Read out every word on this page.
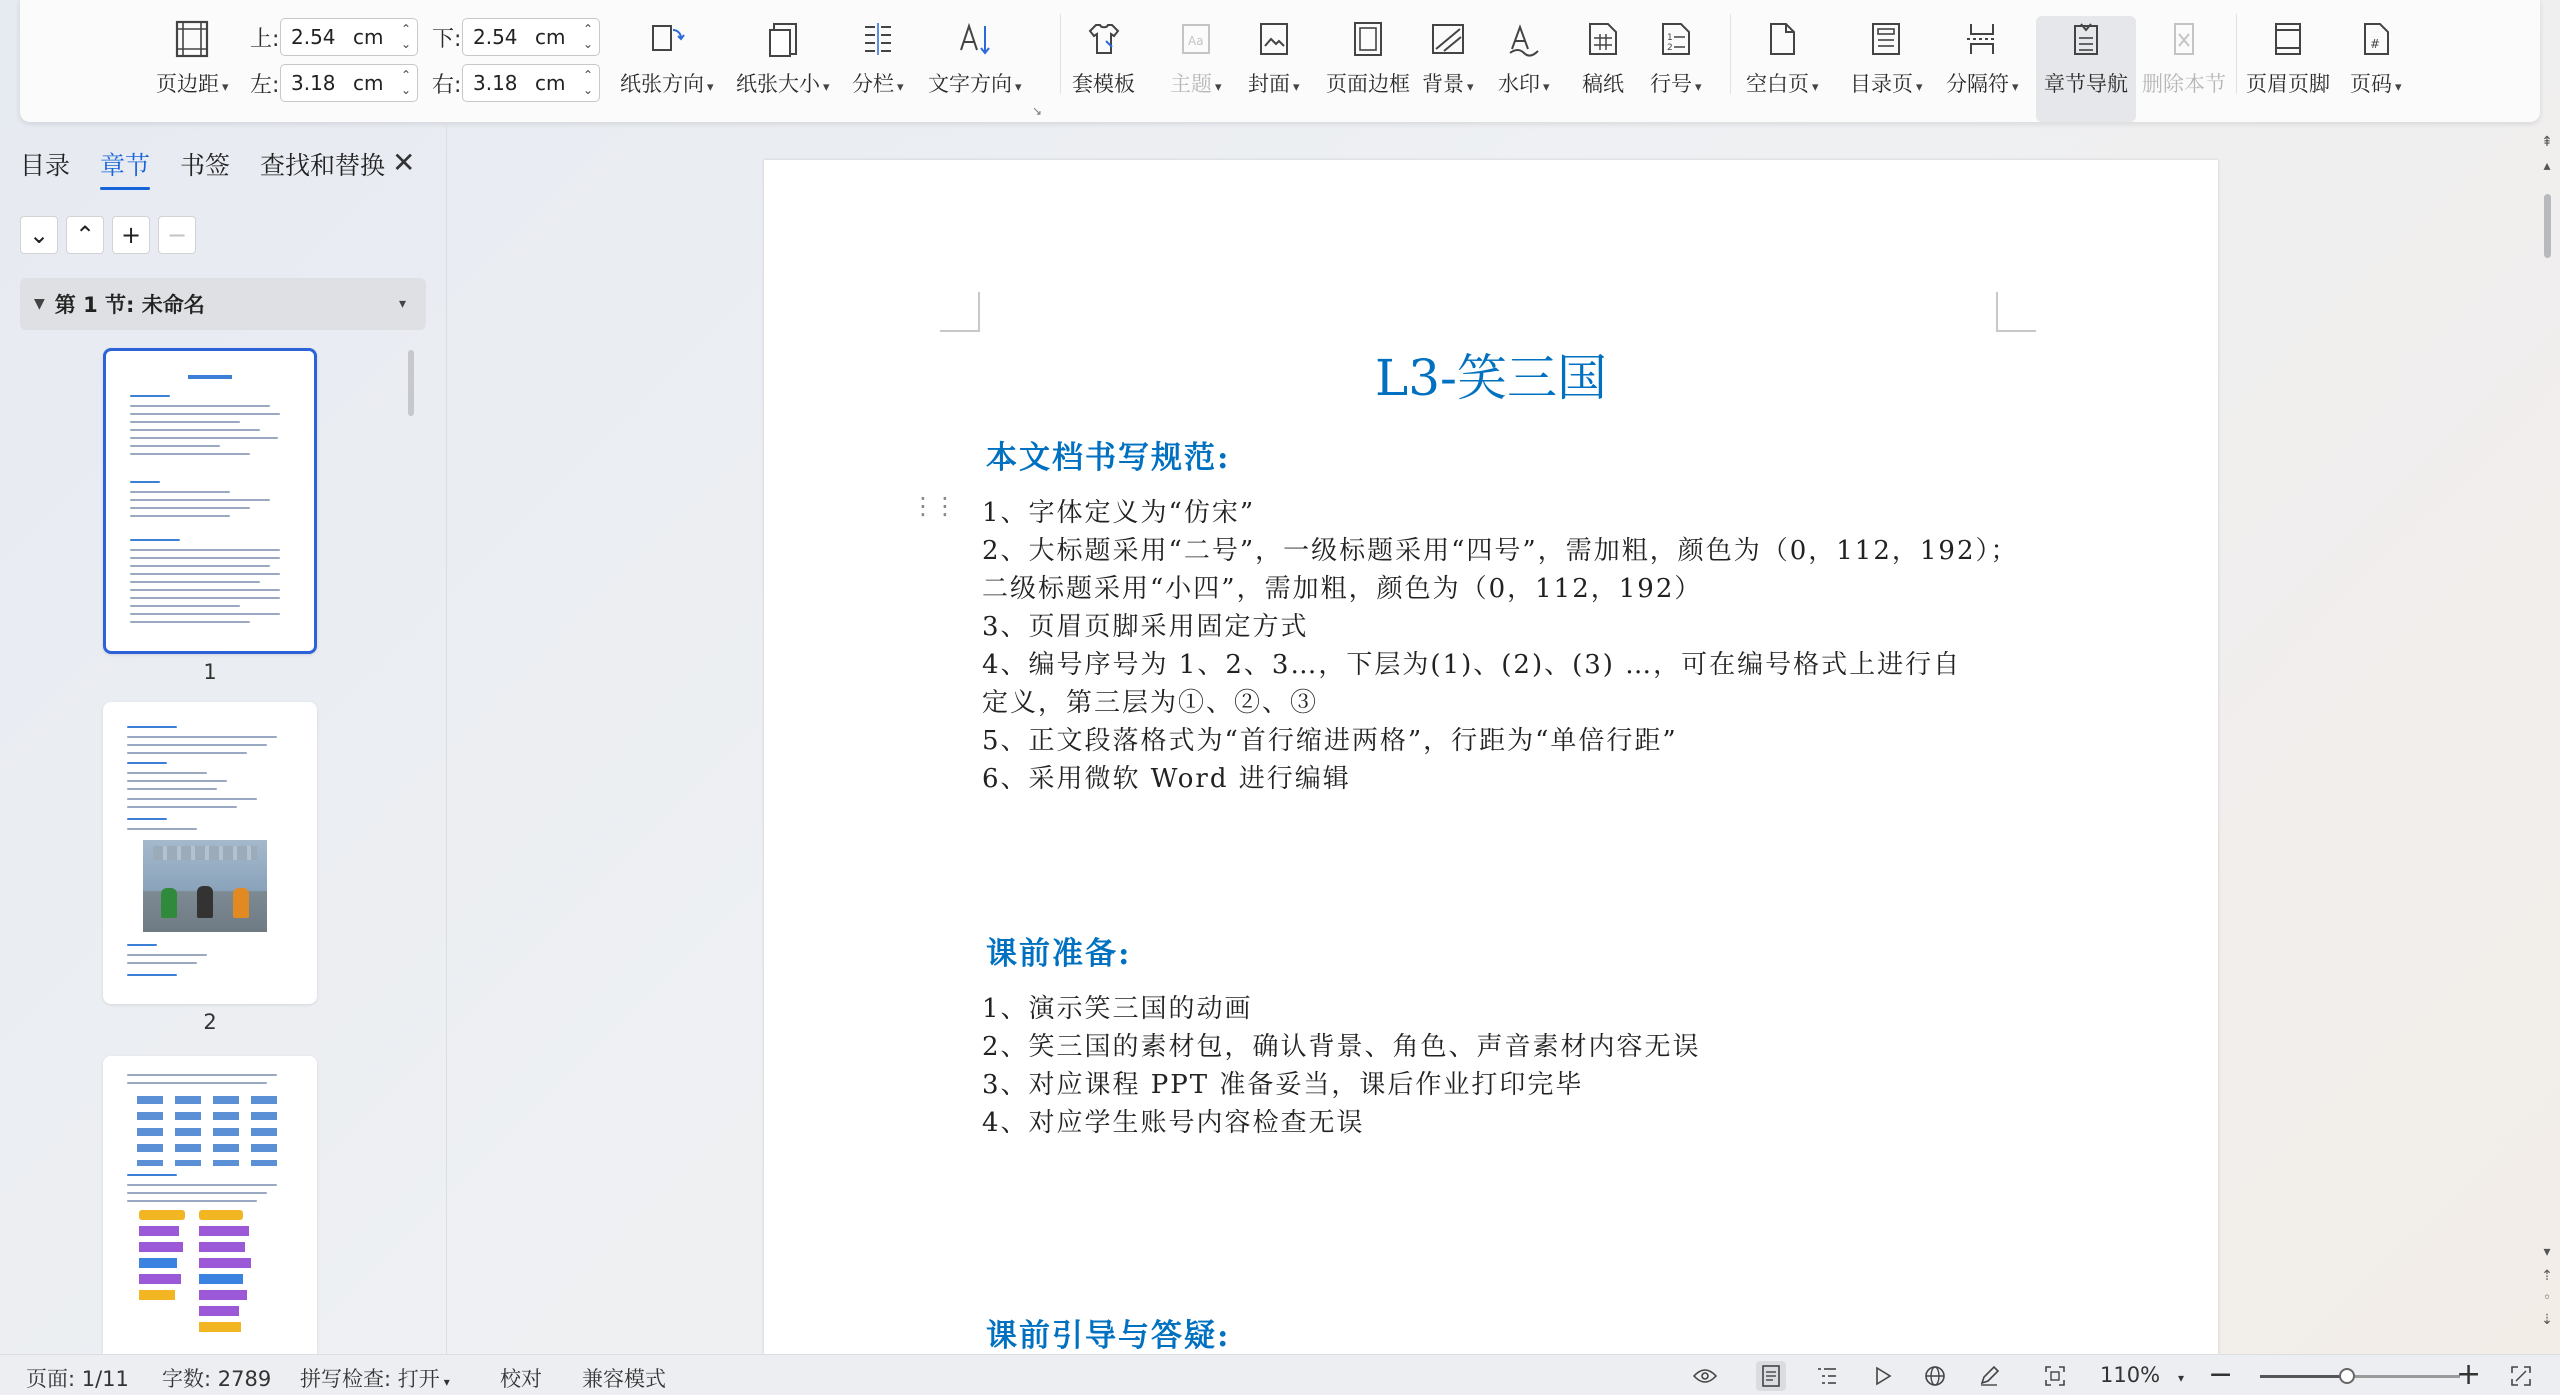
页边距 ▾
上: 2.54 cm ⌃
⌄ 下: 2.54 cm ⌃
⌄
左: 3.18 cm ⌃
⌄ 右: 3.18 cm ⌃
⌄ 纸张方向 ▾ 纸张大小 ▾ 分栏 ▾ 文字方向 ▾ 套模板
Aa
主题 ▾ 封面 ▾ 页面边框 背景 ▾ 水印 ▾ 稿纸
1
2
行号 ▾ 空白页 ▾ 目录页 ▾ 分隔符 ▾ 章节导航 删除本节 页眉页脚
#
页码 ▾
↘
目录 章节 书签 查找和替换 ✕
⌄	⌃	+	−
▼ 第 1 节: 未命名	▾
1
2
L3-笑三国
本文档书写规范:
⋮⋮ 1、字体定义为“仿宋”
2、大标题采用“二号”，一级标题采用“四号”，需加粗，颜色为（0，112，192）；
二级标题采用“小四”，需加粗，颜色为（0，112，192）
3、页眉页脚采用固定方式
4、编号序号为 1、2、3…，下层为(1)、(2)、(3) …，可在编号格式上进行自
定义，第三层为①、②、③
5、正文段落格式为“首行缩进两格”，行距为“单倍行距”
6、采用微软 Word 进行编辑
课前准备:
1、演示笑三国的动画
2、笑三国的素材包，确认背景、角色、声音素材内容无误
3、对应课程 PPT 准备妥当，课后作业打印完毕
4、对应学生账号内容检查无误
课前引导与答疑:
⇞
▴
▾
⇡
◦
⇣
页面: 1/11 字数: 2789 拼写检查: 打开 ▾ 校对 兼容模式	110% ▾ −	+
